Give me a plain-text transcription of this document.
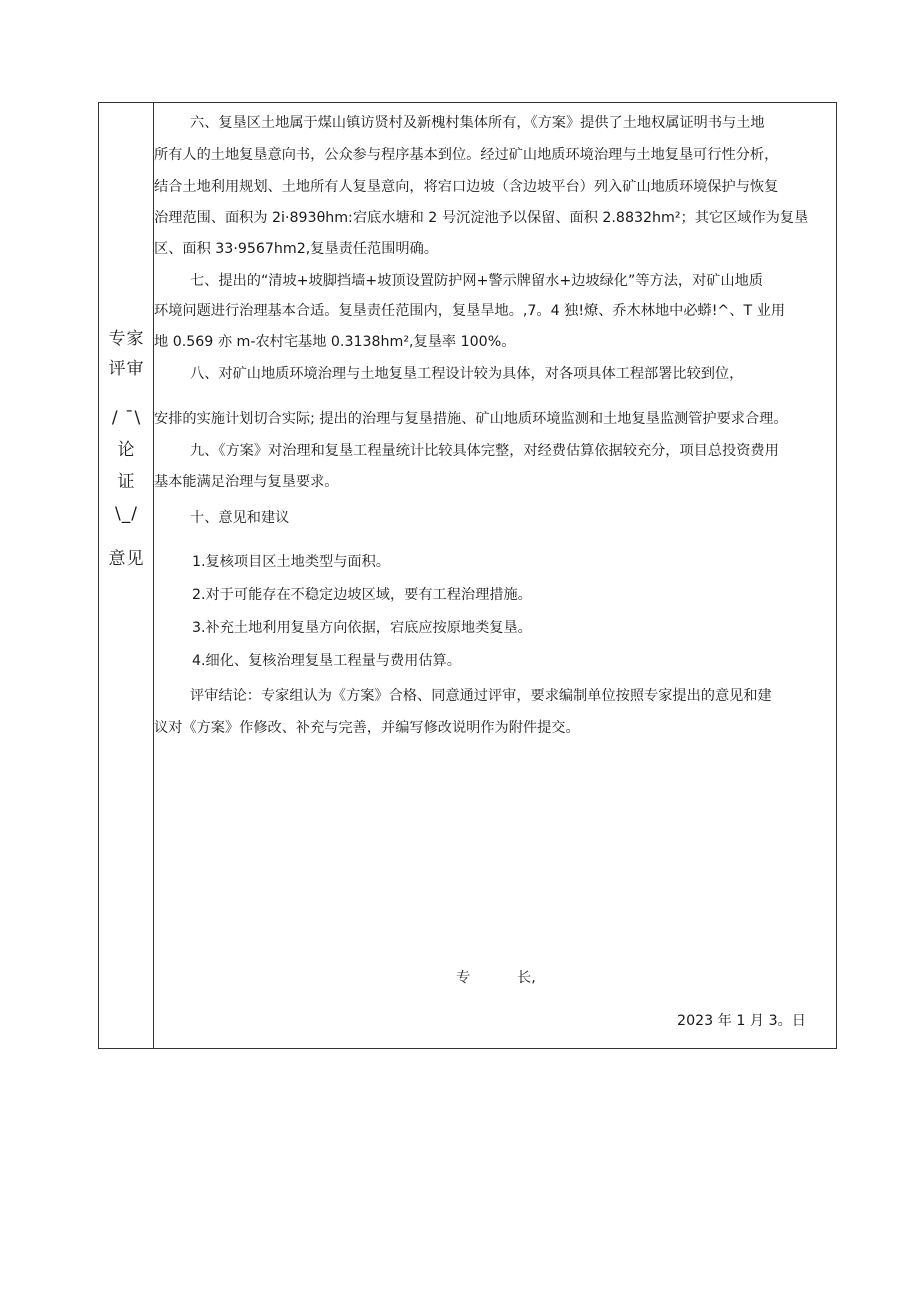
专家
评审
/ ¯\
论
证
\_/
意见
六、复垦区土地属于煤山镇访贤村及新槐村集体所有，《方案》提供了土地权属证明书与土地
所有人的土地复垦意向书，公众参与程序基本到位。经过矿山地质环境治理与土地复垦可行性分析，
结合土地利用规划、土地所有人复垦意向，将宕口边坡（含边坡平台）列入矿山地质环境保护与恢复
治理范围、面积为 2i·893θhm:宕底水塘和 2 号沉淀池予以保留、面积 2.8832hm²；其它区域作为复垦
区、面积 33·9567hm2,复垦责任范围明确。
七、提出的“清坡+坡脚挡墙+坡顶设置防护网+警示牌留水+边坡绿化”等方法，对矿山地质
环境问题进行治理基本合适。复垦责任范围内，复垦旱地。,7。4 独!燎、乔木林地中必蟒!^、T 业用
地 0.569 亦 m-农村宅基地 0.3138hm²,复垦率 100%。
八、对矿山地质环境治理与土地复垦工程设计较为具体，对各项具体工程部署比较到位，
安排的实施计划切合实际; 提出的治理与复垦措施、矿山地质环境监测和土地复垦监测管护要求合理。
九、《方案》对治理和复垦工程量统计比较具体完整，对经费估算依据较充分，项目总投资费用
基本能满足治理与复垦要求。
十、意见和建议
1.复核项目区土地类型与面积。
2.对于可能存在不稳定边坡区域，要有工程治理措施。
3.补充土地利用复垦方向依据，宕底应按原地类复垦。
4.细化、复核治理复垦工程量与费用估算。
评审结论：专家组认为《方案》合格、同意通过评审，要求编制单位按照专家提出的意见和建
议对《方案》作修改、补充与完善，并编写修改说明作为附件提交。
专	长,
2023 年 1 月 3。日
